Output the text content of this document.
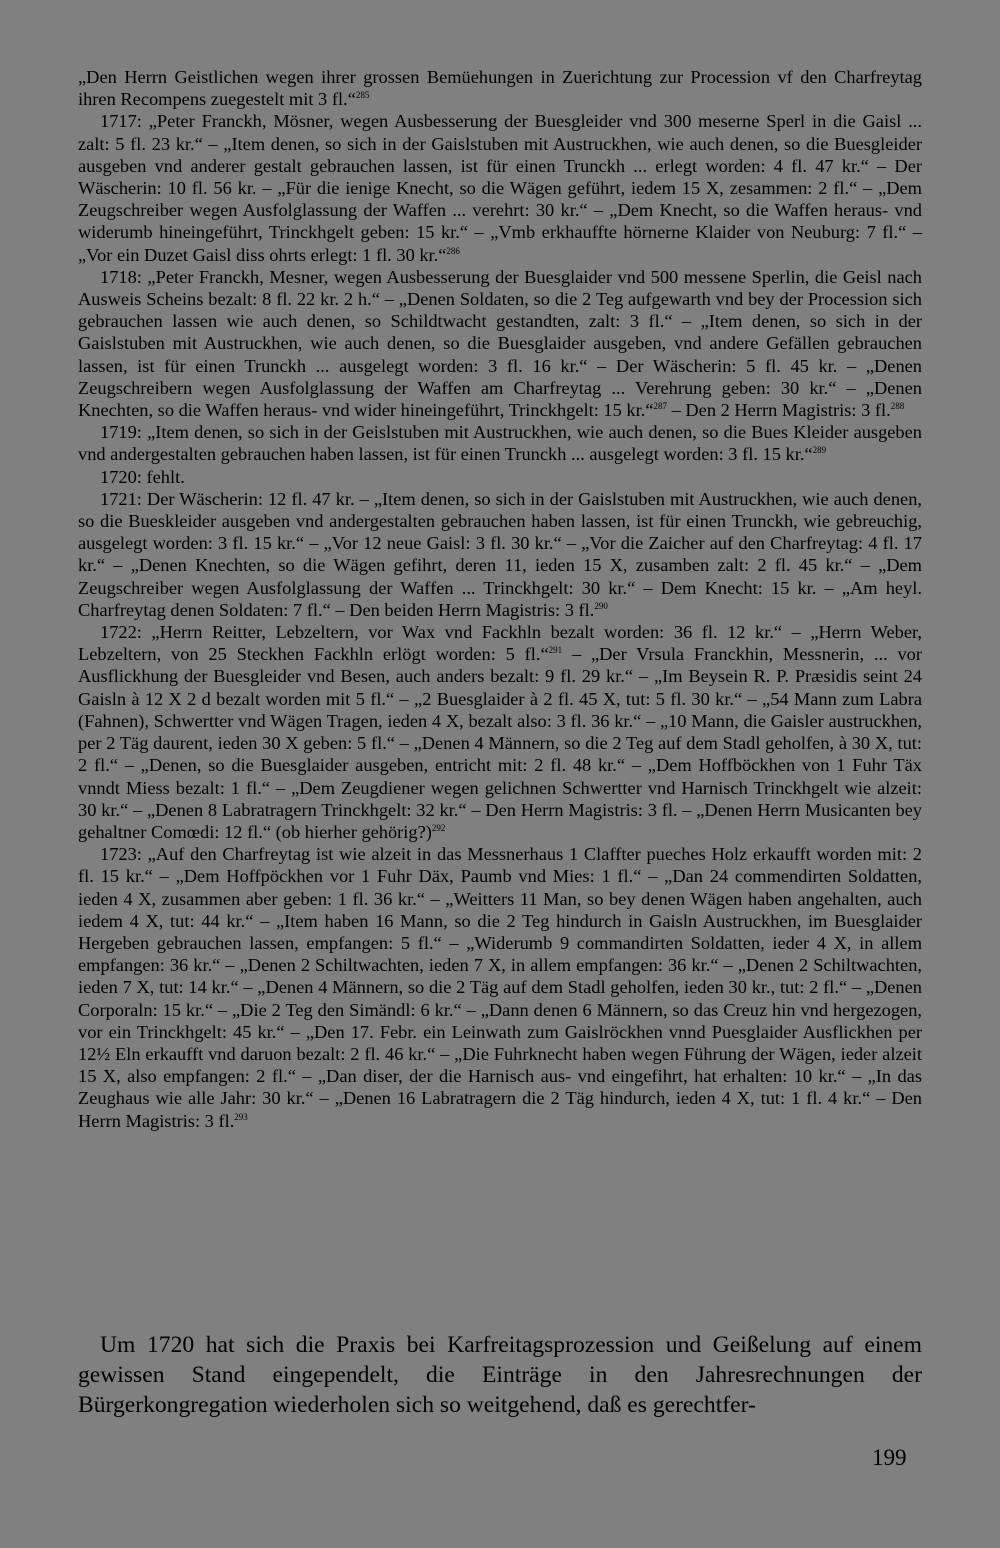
„Den Herrn Geistlichen wegen ihrer grossen Bemüehungen in Zuerichtung zur Procession vf den Charfreytag ihren Recompens zuegestelt mit 3 fl.“$^{285}$

1717: „Peter Franckh, Mösner, wegen Ausbesserung der Buesgleider vnd 300 meserne Sperl in die Gaisl ... zalt: 5 fl. 23 kr.“ – „Item denen, so sich in der Gaislstuben mit Austruckhen, wie auch denen, so die Buesgleider ausgeben vnd anderer gestalt gebrauchen lassen, ist für einen Trunckh ... erlegt worden: 4 fl. 47 kr.“ – Der Wäscherin: 10 fl. 56 kr. – „Für die ienige Knecht, so die Wägen geführt, iedem 15 X, zesammen: 2 fl.“ – „Dem Zeugschreiber wegen Ausfolglassung der Waffen ... verehrt: 30 kr.“ – „Dem Knecht, so die Waffen heraus- vnd widerumb hineingeführt, Trinckhgelt geben: 15 kr.“ – „Vmb erkhauffte hörnerne Klaider von Neuburg: 7 fl.“ – „Vor ein Duzet Gaisl diss ohrts erlegt: 1 fl. 30 kr.“$^{286}$

1718: „Peter Franckh, Mesner, wegen Ausbesserung der Buesglaider vnd 500 messene Sperlin, die Geisl nach Ausweis Scheins bezalt: 8 fl. 22 kr. 2 h.“ – „Denen Soldaten, so die 2 Teg aufgewarth vnd bey der Procession sich gebrauchen lassen wie auch denen, so Schildtwacht gestandten, zalt: 3 fl.“ – „Item denen, so sich in der Gaislstuben mit Austruckhen, wie auch denen, so die Buesglaider ausgeben, vnd andere Gefällen gebrauchen lassen, ist für einen Trunckh ... ausgelegt worden: 3 fl. 16 kr.“ – Der Wäscherin: 5 fl. 45 kr. – „Denen Zeugschreibern wegen Ausfolglassung der Waffen am Charfreytag ... Verehrung geben: 30 kr.“ – „Denen Knechten, so die Waffen heraus- vnd wider hineingeführt, Trinckhgelt: 15 kr.“$^{287}$ – Den 2 Herrn Magistris: 3 fl.$^{288}$

1719: „Item denen, so sich in der Geislstuben mit Austruckhen, wie auch denen, so die Bues Kleider ausgeben vnd andergestalten gebrauchen haben lassen, ist für einen Trunckh ... ausgelegt worden: 3 fl. 15 kr.“$^{289}$

1720: fehlt.

1721: Der Wäscherin: 12 fl. 47 kr. – „Item denen, so sich in der Gaislstuben mit Austruckhen, wie auch denen, so die Bueskleider ausgeben vnd andergestalten gebrauchen haben lassen, ist für einen Trunckh, wie gebreuchig, ausgelegt worden: 3 fl. 15 kr.“ – „Vor 12 neue Gaisl: 3 fl. 30 kr.“ – „Vor die Zaicher auf den Charfreytag: 4 fl. 17 kr.“ – „Denen Knechten, so die Wägen gefihrt, deren 11, ieden 15 X, zusamben zalt: 2 fl. 45 kr.“ – „Dem Zeugschreiber wegen Ausfolglassung der Waffen ... Trinckhgelt: 30 kr.“ – Dem Knecht: 15 kr. – „Am heyl. Charfreytag denen Soldaten: 7 fl.“ – Den beiden Herrn Magistris: 3 fl.$^{290}$

1722: „Herrn Reitter, Lebzeltern, vor Wax vnd Fackhln bezalt worden: 36 fl. 12 kr.“ – „Herrn Weber, Lebzeltern, von 25 Steckhen Fackhln erlögt worden: 5 fl.“$^{291}$ – „Der Vrsula Franckhin, Messnerin, ... vor Ausflickhung der Buesgleider vnd Besen, auch anders bezalt: 9 fl. 29 kr.“ – „Im Beysein R. P. Præsidis seint 24 Gaisln à 12 X 2 d bezalt worden mit 5 fl.“ – „2 Buesglaider à 2 fl. 45 X, tut: 5 fl. 30 kr.“ – „54 Mann zum Labra (Fahnen), Schwertter vnd Wägen Tragen, ieden 4 X, bezalt also: 3 fl. 36 kr.“ – „10 Mann, die Gaisler austruckhen, per 2 Täg daurent, ieden 30 X geben: 5 fl.“ – „Denen 4 Männern, so die 2 Teg auf dem Stadl geholfen, à 30 X, tut: 2 fl.“ – „Denen, so die Buesglaider ausgeben, entricht mit: 2 fl. 48 kr.“ – „Dem Hoffböckhen von 1 Fuhr Täx vnndt Miess bezalt: 1 fl.“ – „Dem Zeugdiener wegen gelichnen Schwertter vnd Harnisch Trinckhgelt wie alzeit: 30 kr.“ – „Denen 8 Labratragern Trinckhgelt: 32 kr.“ – Den Herrn Magistris: 3 fl. – „Denen Herrn Musicanten bey gehaltner Comœdi: 12 fl.“ (ob hierher gehörig?)$^{292}$

1723: „Auf den Charfreytag ist wie alzeit in das Messnerhaus 1 Claffter pueches Holz erkaufft worden mit: 2 fl. 15 kr.“ – „Dem Hoffpöckhen vor 1 Fuhr Däx, Paumb vnd Mies: 1 fl.“ – „Dan 24 commendirten Soldatten, ieden 4 X, zusammen aber geben: 1 fl. 36 kr.“ – „Weitters 11 Man, so bey denen Wägen haben angehalten, auch iedem 4 X, tut: 44 kr.“ – „Item haben 16 Mann, so die 2 Teg hindurch in Gaisln Austruckhen, im Buesglaider Hergeben gebrauchen lassen, empfangen: 5 fl.“ – „Widerumb 9 commandirten Soldatten, ieder 4 X, in allem empfangen: 36 kr.“ – „Denen 2 Schiltwachten, ieden 7 X, in allem empfangen: 36 kr.“ – „Denen 2 Schiltwachten, ieden 7 X, tut: 14 kr.“ – „Denen 4 Männern, so die 2 Täg auf dem Stadl geholfen, ieden 30 kr., tut: 2 fl.“ – „Denen Corporaln: 15 kr.“ – „Die 2 Teg den Simändl: 6 kr.“ – „Dann denen 6 Männern, so das Creuz hin vnd hergezogen, vor ein Trinckhgelt: 45 kr.“ – „Den 17. Febr. ein Leinwath zum Gaislröckhen vnnd Puesglaider Ausflickhen per 12½ Eln erkaufft vnd daruon bezalt: 2 fl. 46 kr.“ – „Die Fuhrknecht haben wegen Führung der Wägen, ieder alzeit 15 X, also empfangen: 2 fl.“ – „Dan diser, der die Harnisch aus- vnd eingefihrt, hat erhalten: 10 kr.“ – „In das Zeughaus wie alle Jahr: 30 kr.“ – „Denen 16 Labratragern die 2 Täg hindurch, ieden 4 X, tut: 1 fl. 4 kr.“ – Den Herrn Magistris: 3 fl.$^{293}$

Um 1720 hat sich die Praxis bei Karfreitagsprozession und Geißelung auf einem gewissen Stand eingependelt, die Einträge in den Jahresrechnungen der Bürgerkongregation wiederholen sich so weitgehend, daß es gerechtfer-

199
